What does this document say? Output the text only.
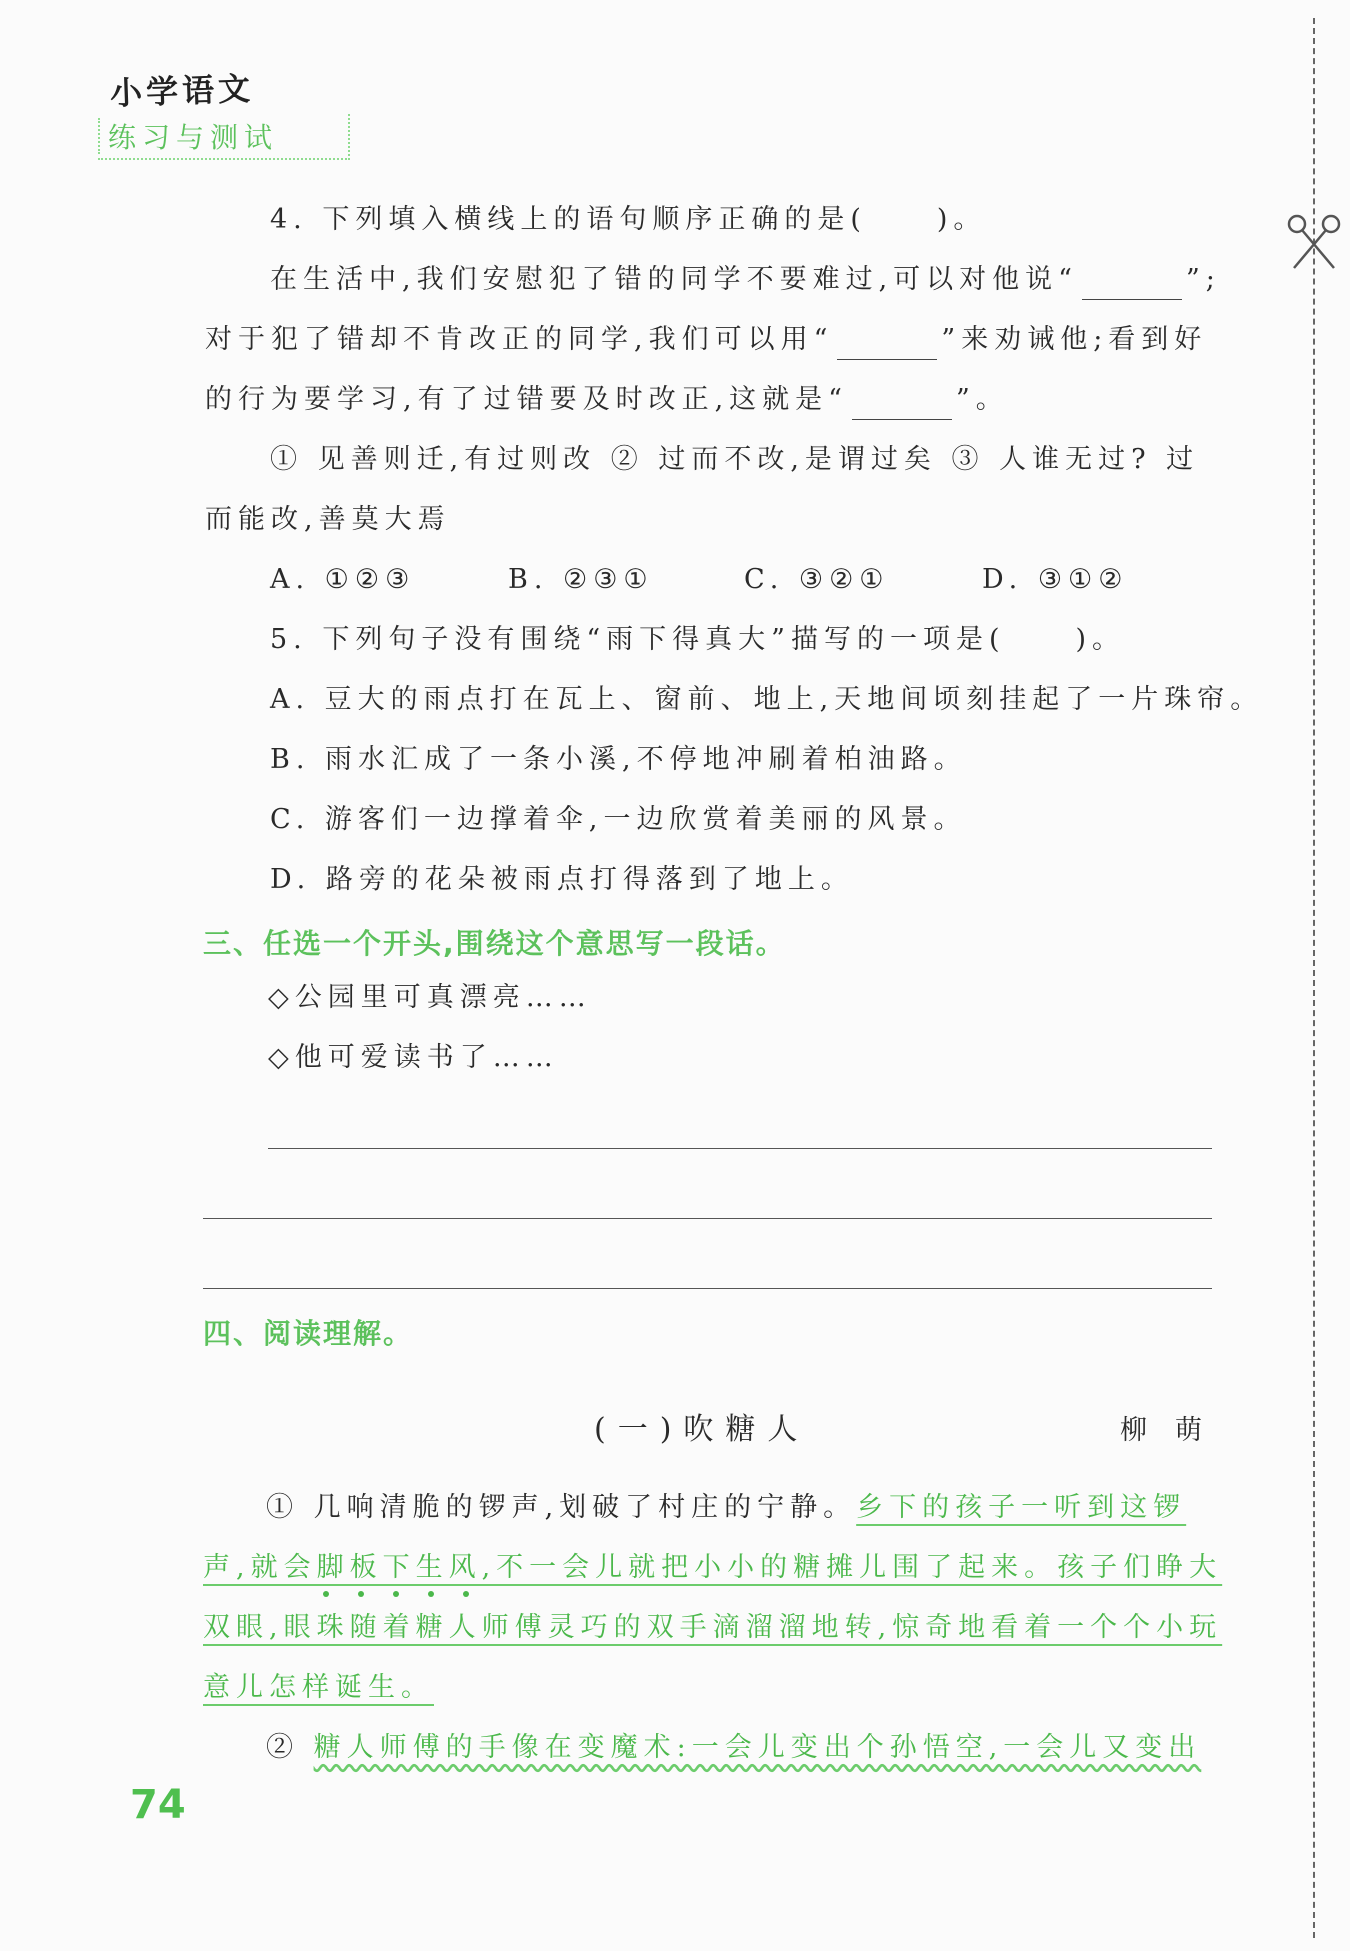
小学语文
练习与测试
4. 下列填入横线上的语句顺序正确的是(	)。
在生活中,我们安慰犯了错的同学不要难过,可以对他说“	”;
对于犯了错却不肯改正的同学,我们可以用“	”来劝诫他;看到好
的行为要学习,有了过错要及时改正,这就是“	”。
① 见善则迁,有过则改 ② 过而不改,是谓过矣 ③ 人谁无过? 过
而能改,善莫大焉
A. ①②③	B. ②③①	C. ③②①	D. ③①②
5. 下列句子没有围绕“雨下得真大”描写的一项是(	)。
A. 豆大的雨点打在瓦上、窗前、地上,天地间顷刻挂起了一片珠帘。
B. 雨水汇成了一条小溪,不停地冲刷着柏油路。
C. 游客们一边撑着伞,一边欣赏着美丽的风景。
D. 路旁的花朵被雨点打得落到了地上。
三、任选一个开头,围绕这个意思写一段话。
◇公园里可真漂亮……
◇他可爱读书了……
四、阅读理解。
(一)吹糖人	柳萌
① 几响清脆的锣声,划破了村庄的宁静。乡下的孩子一听到这锣
声,就会脚板下生风,不一会儿就把小小的糖摊儿围了起来。孩子们睁大
双眼,眼珠随着糖人师傅灵巧的双手滴溜溜地转,惊奇地看着一个个小玩
意儿怎样诞生。
② 糖人师傅的手像在变魔术:一会儿变出个孙悟空,一会儿又变出
74
